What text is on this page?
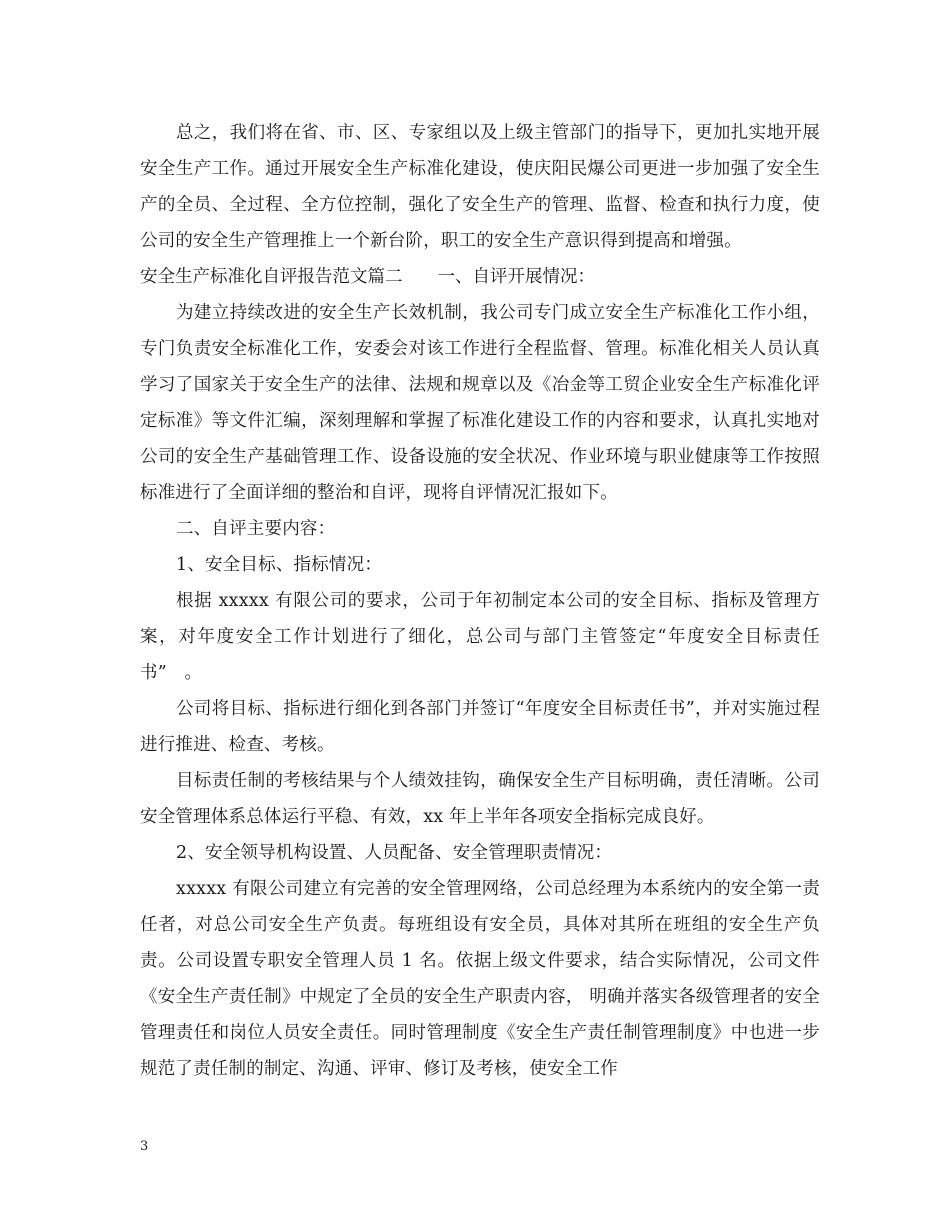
总之，我们将在省、市、区、专家组以及上级主管部门的指导下，更加扎实地开展安全生产工作。通过开展安全生产标准化建设，使庆阳民爆公司更进一步加强了安全生产的全员、全过程、全方位控制，强化了安全生产的管理、监督、检查和执行力度，使公司的安全生产管理推上一个新台阶，职工的安全生产意识得到提高和增强。

安全生产标准化自评报告范文篇二　　一、自评开展情况：

为建立持续改进的安全生产长效机制，我公司专门成立安全生产标准化工作小组，专门负责安全标准化工作，安委会对该工作进行全程监督、管理。标准化相关人员认真学习了国家关于安全生产的法律、法规和规章以及《冶金等工贸企业安全生产标准化评定标准》等文件汇编，深刻理解和掌握了标准化建设工作的内容和要求，认真扎实地对公司的安全生产基础管理工作、设备设施的安全状况、作业环境与职业健康等工作按照标准进行了全面详细的整治和自评，现将自评情况汇报如下。

二、自评主要内容：

1、安全目标、指标情况：

根据 xxxxx 有限公司的要求，公司于年初制定本公司的安全目标、指标及管理方案，对年度安全工作计划进行了细化，总公司与部门主管签定“年度安全目标责任书”　。

公司将目标、指标进行细化到各部门并签订“年度安全目标责任书”，并对实施过程进行推进、检查、考核。

目标责任制的考核结果与个人绩效挂钩，确保安全生产目标明确，责任清晰。公司安全管理体系总体运行平稳、有效，xx 年上半年各项安全指标完成良好。

2、安全领导机构设置、人员配备、安全管理职责情况：

xxxxx 有限公司建立有完善的安全管理网络，公司总经理为本系统内的安全第一责任者，对总公司安全生产负责。每班组设有安全员，具体对其所在班组的安全生产负责。公司设置专职安全管理人员 1 名。依据上级文件要求，结合实际情况，公司文件《安全生产责任制》中规定了全员的安全生产职责内容， 明确并落实各级管理者的安全管理责任和岗位人员安全责任。同时管理制度《安全生产责任制管理制度》中也进一步规范了责任制的制定、沟通、评审、修订及考核，使安全工作

3
